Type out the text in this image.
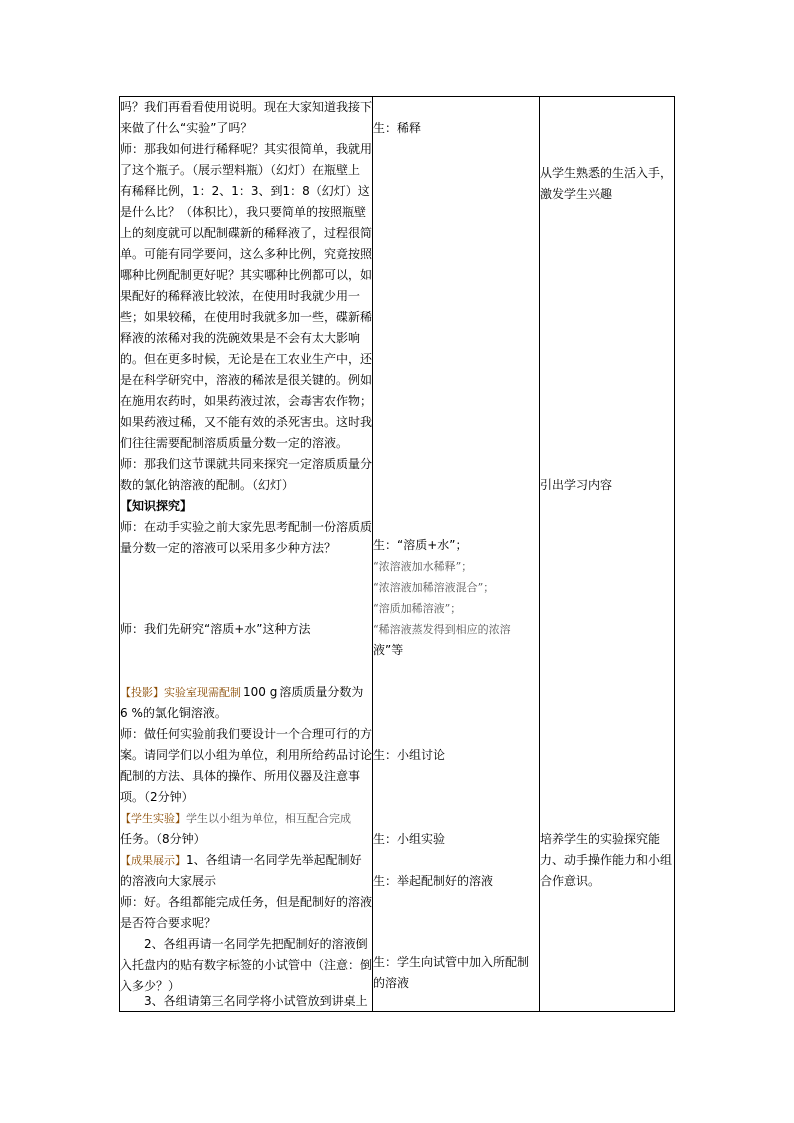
吗？我们再看看使用说明。现在大家知道我接下
来做了什么“实验”了吗？
师：那我如何进行稀释呢？其实很简单，我就用
了这个瓶子。（展示塑料瓶）（幻灯）在瓶壁上
有稀释比例，1：2、1：3、到1：8（幻灯）这
是什么比？（体积比），我只要简单的按照瓶壁
上的刻度就可以配制碟新的稀释液了，过程很简
单。可能有同学要问，这么多种比例，究竟按照
哪种比例配制更好呢？其实哪种比例都可以，如
果配好的稀释液比较浓，在使用时我就少用一
些；如果较稀，在使用时我就多加一些，碟新稀
释液的浓稀对我的洗碗效果是不会有太大影响
的。但在更多时候，无论是在工农业生产中，还
是在科学研究中，溶液的稀浓是很关键的。例如
在施用农药时，如果药液过浓，会毒害农作物；
如果药液过稀，又不能有效的杀死害虫。这时我
们往往需要配制溶质质量分数一定的溶液。
师：那我们这节课就共同来探究一定溶质质量分
数的氯化钠溶液的配制。（幻灯）
【知识探究】
师：在动手实验之前大家先思考配制一份溶质质
量分数一定的溶液可以采用多少种方法？
师：我们先研究“溶质+水”这种方法
【投影】实验室现需配制 100 g 溶质质量分数为
6 %的氯化铜溶液。
师：做任何实验前我们要设计一个合理可行的方
案。请同学们以小组为单位，利用所给药品讨论
配制的方法、具体的操作、所用仪器及注意事
项。（2分钟）
【学生实验】学生以小组为单位，相互配合完成
任务。（8分钟）
【成果展示】1、各组请一名同学先举起配制好
的溶液向大家展示
师：好。各组都能完成任务，但是配制好的溶液
是否符合要求呢？
2、各组再请一名同学先把配制好的溶液倒
入托盘内的贴有数字标签的小试管中（注意：倒
入多少？）
3、各组请第三名同学将小试管放到讲桌上
生：稀释
生：“溶质+水”；
“浓溶液加水稀释”；
“浓溶液加稀溶液混合”；
“溶质加稀溶液”；
“稀溶液蒸发得到相应的浓溶
液”等
生：小组讨论
生：小组实验
生：举起配制好的溶液
生：学生向试管中加入所配制
的溶液
从学生熟悉的生活入手，
激发学生兴趣
引出学习内容
培养学生的实验探究能
力、动手操作能力和小组
合作意识。
